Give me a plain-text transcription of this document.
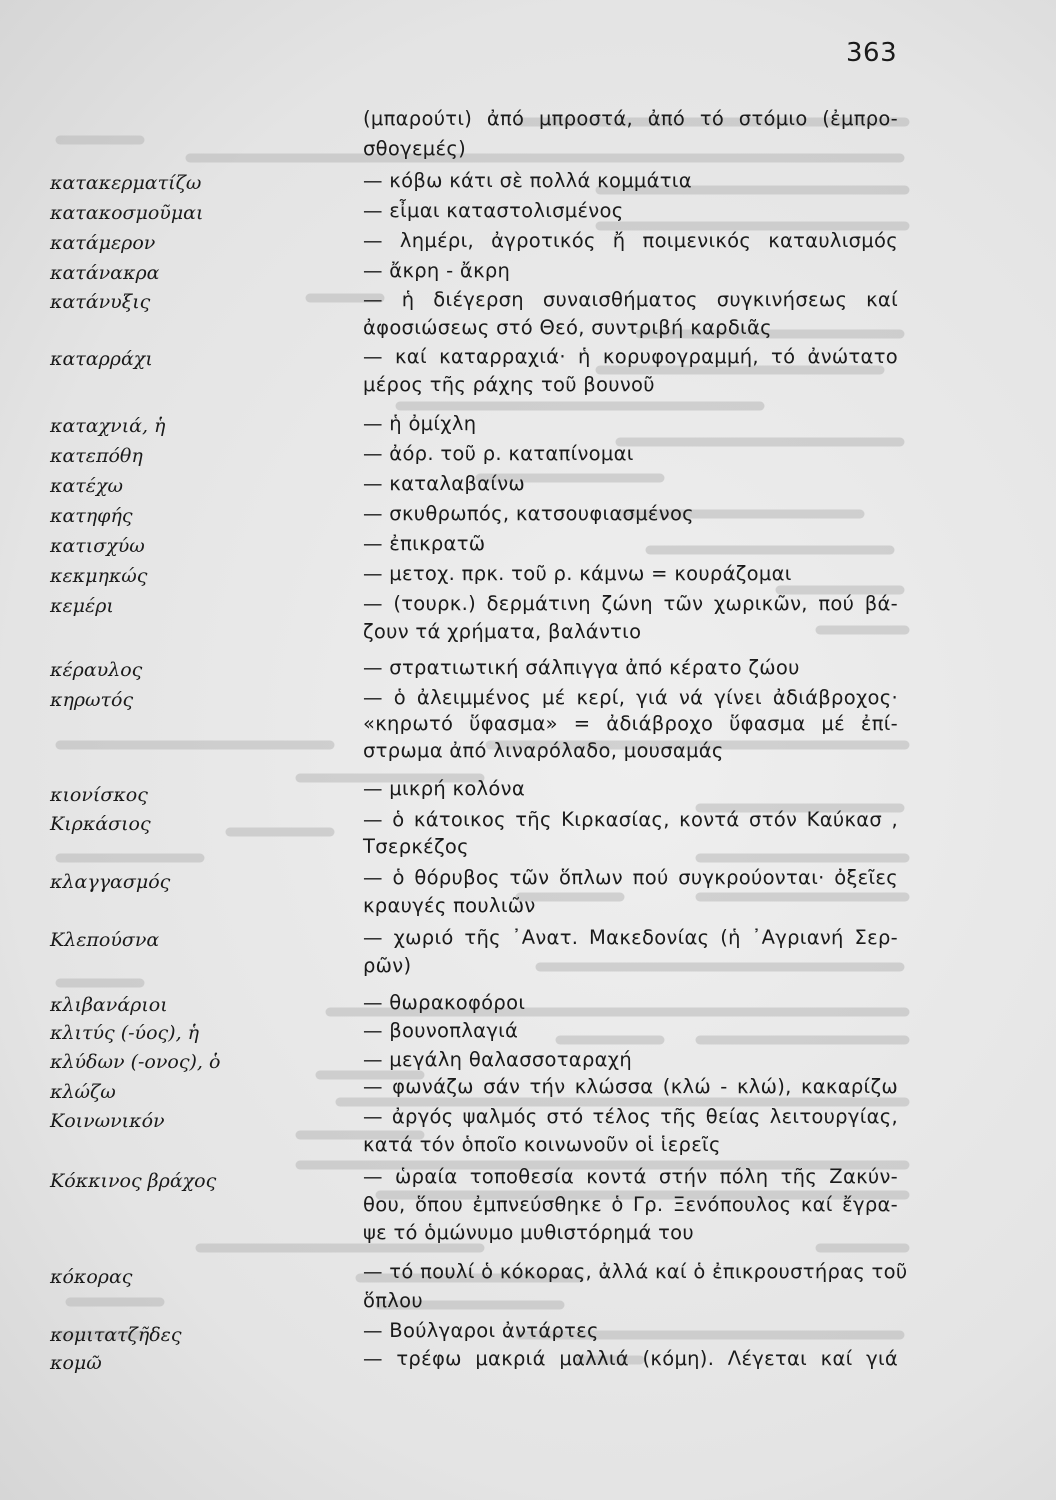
363
(μπαρούτι) ἀπό μπροστά, ἀπό τό στόμιο (ἐμπρο-
σθογεμές)
κατακερματίζω	— κόβω κάτι σὲ πολλά κομμάτια
κατακοσμοῦμαι	— εἶμαι καταστολισμένος
κατάμερον	— λημέρι, ἀγροτικός ἤ ποιμενικός καταυλισμός
κατάνακρα	— ἄκρη - ἄκρη
κατάνυξις	— ἡ διέγερση συναισθήματος συγκινήσεως καί
ἀφοσιώσεως στό Θεό, συντριβή καρδιᾶς
καταρράχι	— καί καταρραχιά· ἡ κορυφογραμμή, τό ἀνώτατο
μέρος τῆς ράχης τοῦ βουνοῦ
καταχνιά, ἡ	— ἡ ὀμίχλη
κατεπόθη	— ἀόρ. τοῦ ρ. καταπίνομαι
κατέχω	— καταλαβαίνω
κατηφής	— σκυθρωπός, κατσουφιασμένος
κατισχύω	— ἐπικρατῶ
κεκμηκώς	— μετοχ. πρκ. τοῦ ρ. κάμνω = κουράζομαι
κεμέρι	— (τουρκ.) δερμάτινη ζώνη τῶν χωρικῶν, πού βά-
ζουν τά χρήματα, βαλάντιο
κέραυλος	— στρατιωτική σάλπιγγα ἀπό κέρατο ζώου
κηρωτός	— ὁ ἀλειμμένος μέ κερί, γιά νά γίνει ἀδιάβροχος·
«κηρωτό ὕφασμα» = ἀδιάβροχο ὕφασμα μέ ἐπί-
στρωμα ἀπό λιναρόλαδο, μουσαμάς
κιονίσκος	— μικρή κολόνα
Κιρκάσιος	— ὁ κάτοικος τῆς Κιρκασίας, κοντά στόν Καύκασ ,
Τσερκέζος
κλαγγασμός	— ὁ θόρυβος τῶν ὅπλων πού συγκρούονται· ὀξεῖες
κραυγές πουλιῶν
Κλεπούσνα	— χωριό τῆς ᾿Ανατ. Μακεδονίας (ἡ ᾿Αγριανή Σερ-
ρῶν)
κλιβανάριοι	— θωρακοφόροι
κλιτύς (-ύος), ἡ	— βουνοπλαγιά
κλύδων (-ονος), ὁ	— μεγάλη θαλασσοταραχή
κλώζω	— φωνάζω σάν τήν κλώσσα (κλώ - κλώ), κακαρίζω
Κοινωνικόν	— ἀργός ψαλμός στό τέλος τῆς θείας λειτουργίας,
κατά τόν ὁποῖο κοινωνοῦν οἱ ἱερεῖς
Κόκκινος βράχος	— ὡραία τοποθεσία κοντά στήν πόλη τῆς Ζακύν-
θου, ὅπου ἐμπνεύσθηκε ὁ Γρ. Ξενόπουλος καί ἔγρα-
ψε τό ὁμώνυμο μυθιστόρημά του
κόκορας	— τό πουλί ὁ κόκορας, ἀλλά καί ὁ ἐπικρουστήρας τοῦ
ὅπλου
κομιτατζῆδες	— Βούλγαροι ἀντάρτες
κομῶ	— τρέφω μακριά μαλλιά (κόμη). Λέγεται καί γιά
